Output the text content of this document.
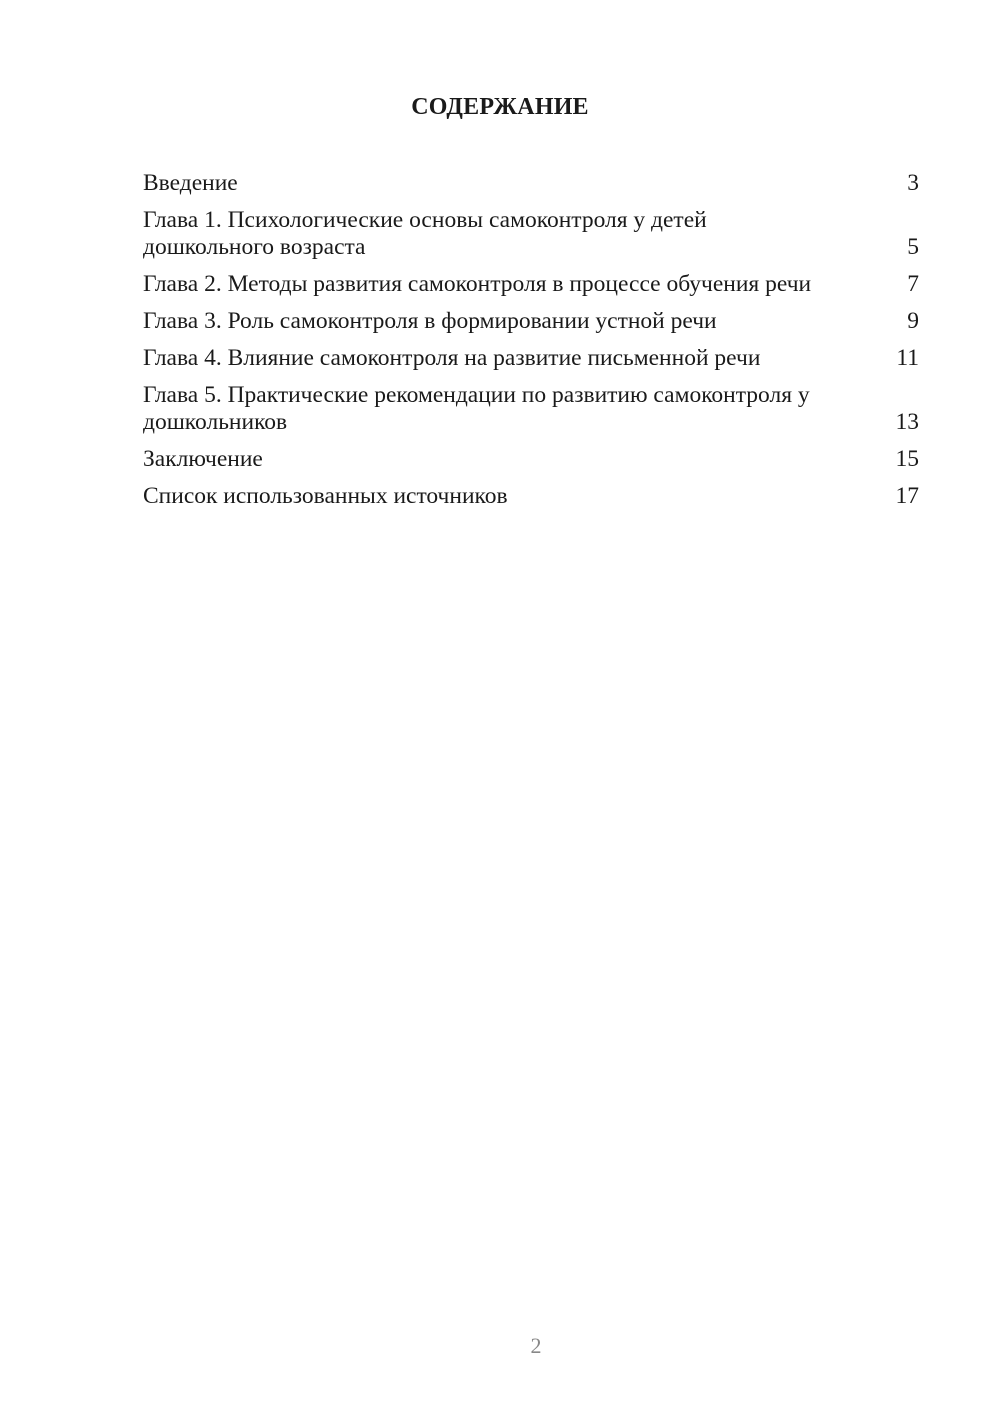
СОДЕРЖАНИЕ
Введение	3
Глава 1. Психологические основы самоконтроля у детей дошкольного возраста	5
Глава 2. Методы развития самоконтроля в процессе обучения речи	7
Глава 3. Роль самоконтроля в формировании устной речи	9
Глава 4. Влияние самоконтроля на развитие письменной речи	11
Глава 5. Практические рекомендации по развитию самоконтроля у дошкольников	13
Заключение	15
Список использованных источников	17
2
